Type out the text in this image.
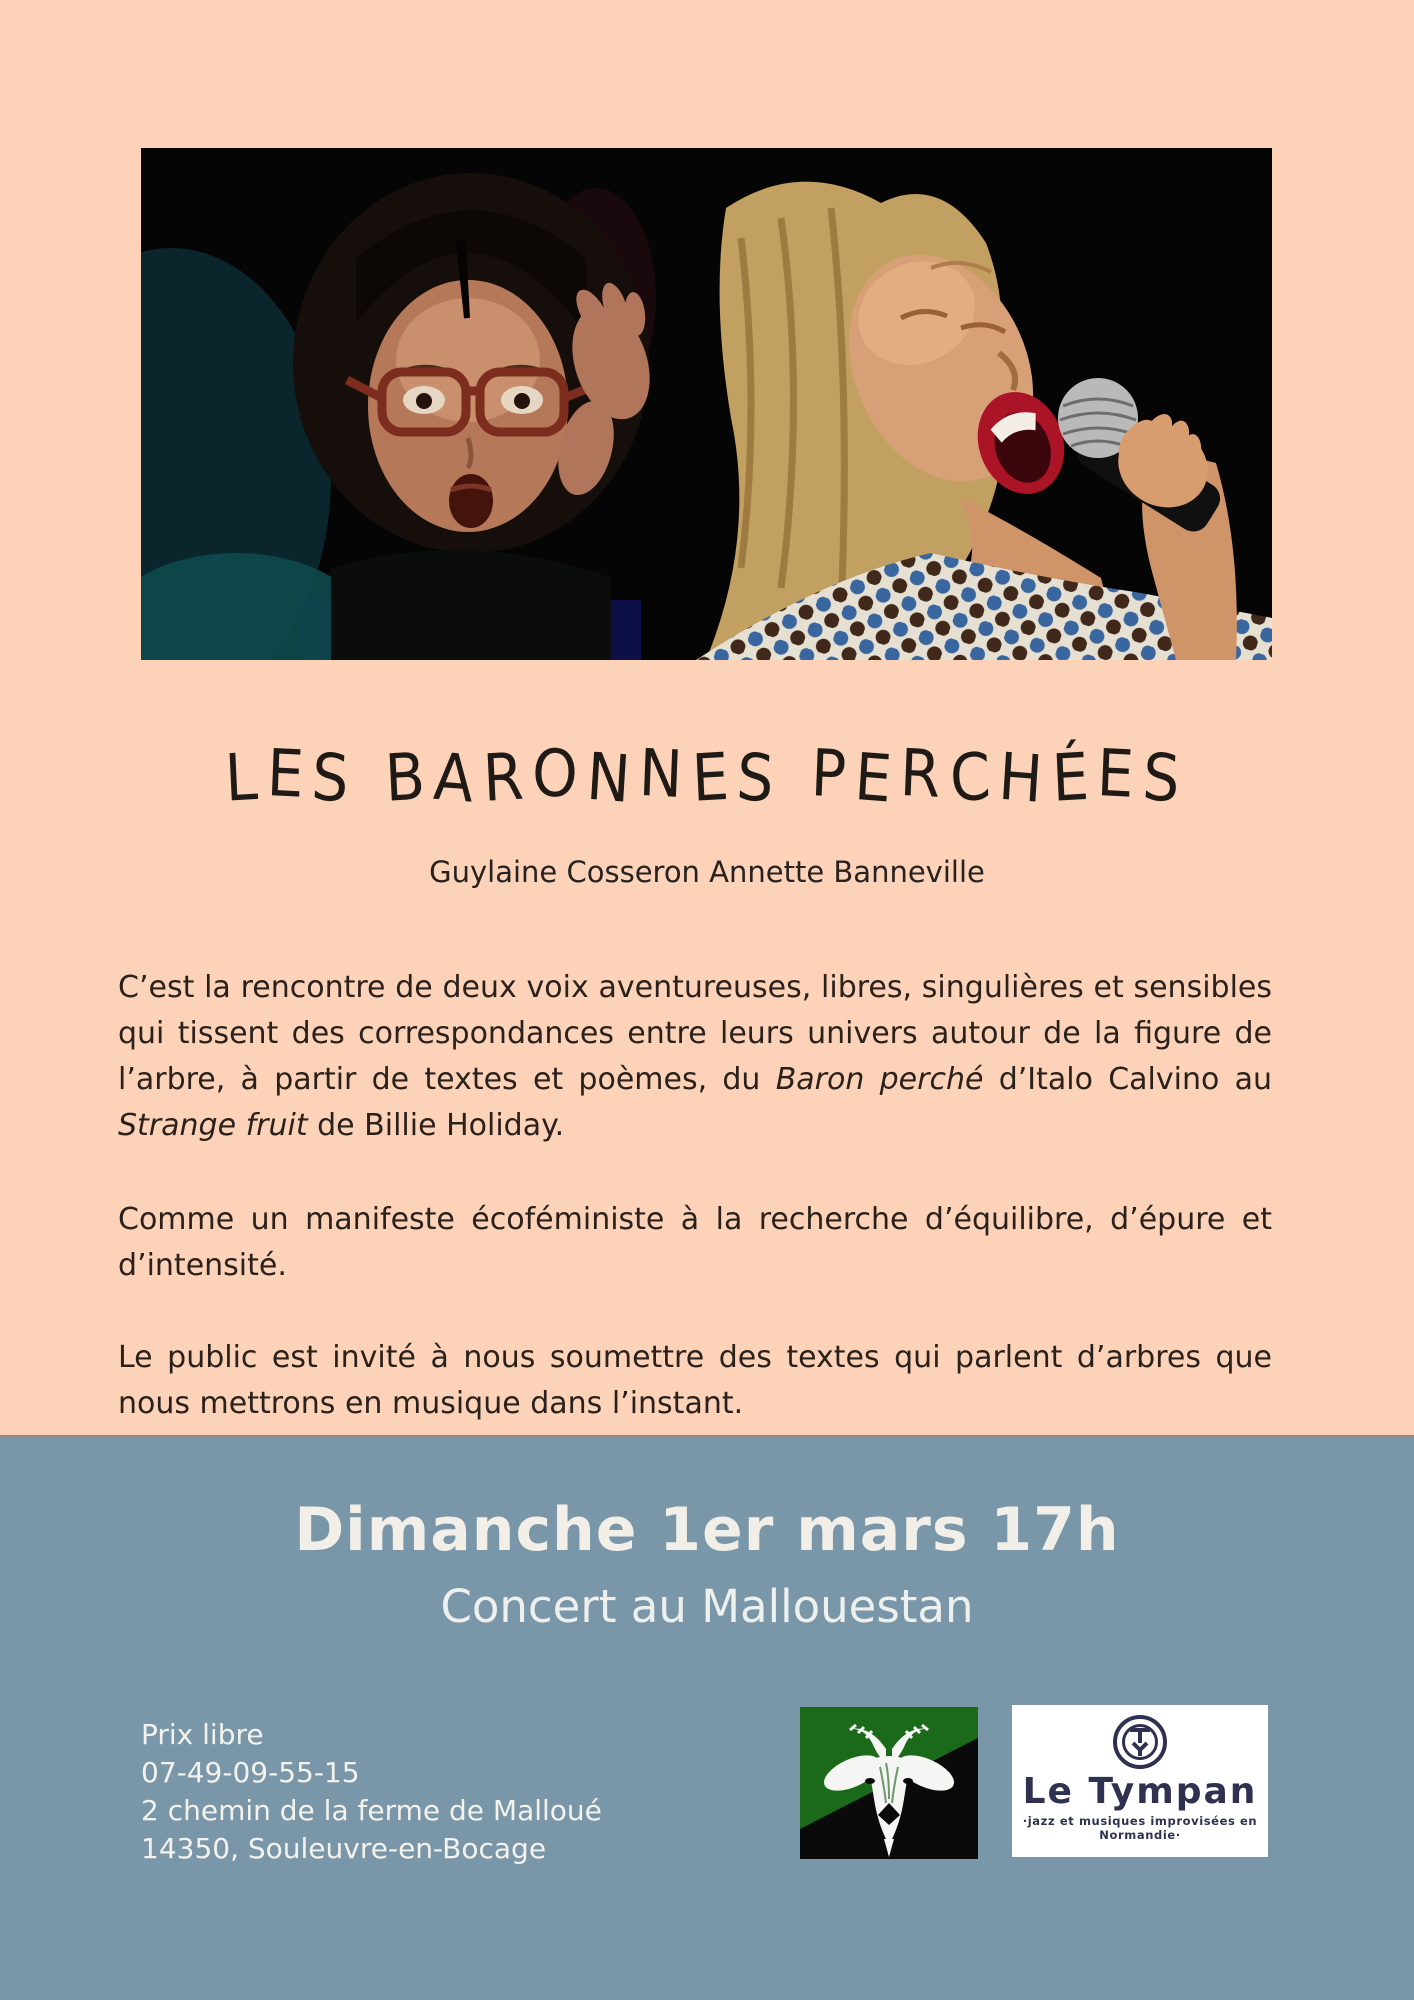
LES BARONNES PERCHÉES
Guylaine Cosseron Annette Banneville

C’est la rencontre de deux voix aventureuses, libres, singulières et sensibles qui tissent des correspondances entre leurs univers autour de la figure de l’arbre, à partir de textes et poèmes, du Baron perché d’Italo Calvino au Strange fruit de Billie Holiday.

Comme un manifeste écoféministe à la recherche d’équilibre, d’épure et d’intensité.

Le public est invité à nous soumettre des textes qui parlent d’arbres que nous mettrons en musique dans l’instant.

Dimanche 1er mars 17h
Concert au Mallouestan
Prix libre
07-49-09-55-15
2 chemin de la ferme de Malloué
14350, Souleuvre-en-Bocage
Le Tympan
·jazz et musiques improvisées en Normandie·
